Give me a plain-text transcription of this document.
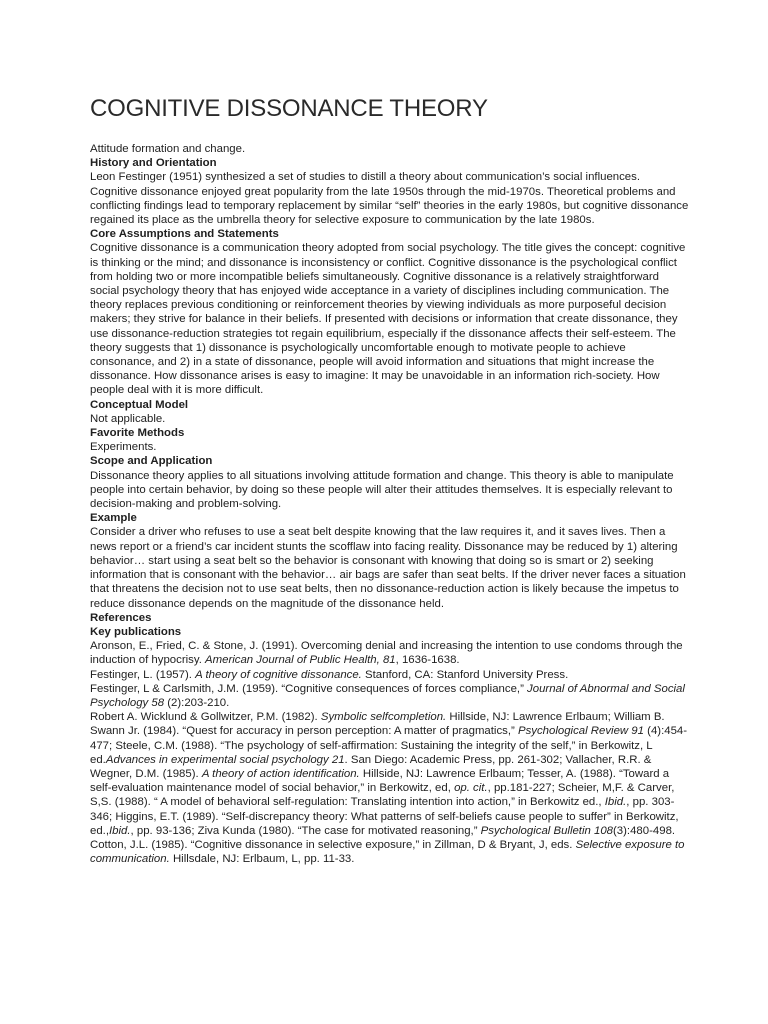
COGNITIVE DISSONANCE THEORY

Attitude formation and change.

History and Orientation

Leon Festinger (1951) synthesized a set of studies to distill a theory about communication’s social influences. Cognitive dissonance enjoyed great popularity from the late 1950s through the mid-1970s. Theoretical problems and conflicting findings lead to temporary replacement by similar “self” theories in the early 1980s, but cognitive dissonance regained its place as the umbrella theory for selective exposure to communication by the late 1980s.

Core Assumptions and Statements

Cognitive dissonance is a communication theory adopted from social psychology. The title gives the concept: cognitive is thinking or the mind; and dissonance is inconsistency or conflict. Cognitive dissonance is the psychological conflict from holding two or more incompatible beliefs simultaneously. Cognitive dissonance is a relatively straightforward social psychology theory that has enjoyed wide acceptance in a variety of disciplines including communication. The theory replaces previous conditioning or reinforcement theories by viewing individuals as more purposeful decision makers; they strive for balance in their beliefs. If presented with decisions or information that create dissonance, they use dissonance-reduction strategies tot regain equilibrium, especially if the dissonance affects their self-esteem. The theory suggests that 1) dissonance is psychologically uncomfortable enough to motivate people to achieve consonance, and 2) in a state of dissonance, people will avoid information and situations that might increase the dissonance. How dissonance arises is easy to imagine: It may be unavoidable in an information rich-society. How people deal with it is more difficult.

Conceptual Model

Not applicable.

Favorite Methods

Experiments.

Scope and Application

Dissonance theory applies to all situations involving attitude formation and change. This theory is able to manipulate people into certain behavior, by doing so these people will alter their attitudes themselves. It is especially relevant to decision-making and problem-solving.

Example

Consider a driver who refuses to use a seat belt despite knowing that the law requires it, and it saves lives. Then a news report or a friend’s car incident stunts the scofflaw into facing reality. Dissonance may be reduced by 1) altering behavior… start using a seat belt so the behavior is consonant with knowing that doing so is smart or 2) seeking information that is consonant with the behavior… air bags are safer than seat belts. If the driver never faces a situation that threatens the decision not to use seat belts, then no dissonance-reduction action is likely because the impetus to reduce dissonance depends on the magnitude of the dissonance held.

References
Key publications

Aronson, E., Fried, C. & Stone, J. (1991). Overcoming denial and increasing the intention to use condoms through the induction of hypocrisy. American Journal of Public Health, 81, 1636-1638.

Festinger, L. (1957). A theory of cognitive dissonance. Stanford, CA: Stanford University Press.

Festinger, L & Carlsmith, J.M. (1959). “Cognitive consequences of forces compliance,” Journal of Abnormal and Social Psychology 58 (2):203-210.

Robert A. Wicklund & Gollwitzer, P.M. (1982). Symbolic selfcompletion. Hillside, NJ: Lawrence Erlbaum; William B. Swann Jr. (1984). “Quest for accuracy in person perception: A matter of pragmatics,” Psychological Review 91 (4):454-477; Steele, C.M. (1988). “The psychology of self-affirmation: Sustaining the integrity of the self,” in Berkowitz, L ed.Advances in experimental social psychology 21. San Diego: Academic Press, pp. 261-302; Vallacher, R.R. & Wegner, D.M. (1985). A theory of action identification. Hillside, NJ: Lawrence Erlbaum; Tesser, A. (1988). “Toward a self-evaluation maintenance model of social behavior,” in Berkowitz, ed, op. cit., pp.181-227; Scheier, M,F. & Carver, S,S. (1988). “ A model of behavioral self-regulation: Translating intention into action,” in Berkowitz ed., Ibid., pp. 303-346; Higgins, E.T. (1989). “Self-discrepancy theory: What patterns of self-beliefs cause people to suffer” in Berkowitz, ed.,Ibid., pp. 93-136; Ziva Kunda (1980). “The case for motivated reasoning,” Psychological Bulletin 108(3):480-498.

Cotton, J.L. (1985). “Cognitive dissonance in selective exposure,” in Zillman, D & Bryant, J, eds. Selective exposure to communication. Hillsdale, NJ: Erlbaum, L, pp. 11-33.
